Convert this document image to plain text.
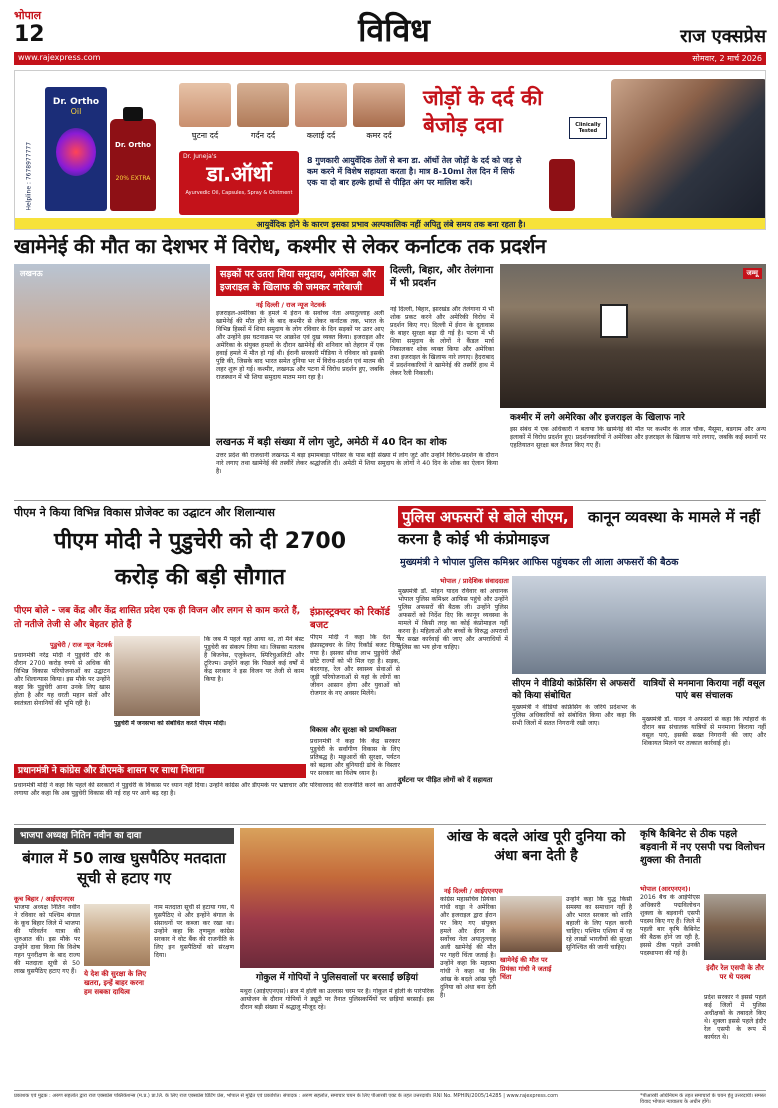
भोपाल
12	विविध	राज एक्सप्रेस
www.rajexpress.com	सोमवार, 2 मार्च 2026
Helpline : 7678977777
Dr. Ortho
Oil
Dr. Ortho
20% EXTRA
घुटना दर्द	गर्दन दर्द	कलाई दर्द	कमर दर्द
Dr. Juneja's
डा.ऑर्थो
Ayurvedic Oil, Capsules, Spray & Ointment
8 गुणकारी आयुर्वेदिक तेलों से बना डा. ऑर्थो तेल जोड़ों के दर्द को जड़ से कम करने में विशेष सहायता करता है। मात्र 8-10ml तेल दिन में सिर्फ एक या दो बार हल्के हाथों से पीड़ित अंग पर मालिश करें।
जोड़ों के दर्द की बेजोड़ दवा	Clinically Tested
आयुर्वेदिक होने के कारण इसका प्रभाव अल्पकालिक नहीं अपितु लंबे समय तक बना रहता है।
खामेनेई की मौत का देशभर में विरोध, कश्मीर से लेकर कर्नाटक तक प्रदर्शन
लखनऊ	सड़कों पर उतरा शिया समुदाय, अमेरिका और इजराइल के खिलाफ की जमकर नारेबाजी
नई दिल्ली / राज न्यूज नेटवर्क
इजराइल-अमेरिका के हमले में ईरान के सर्वोच्च नेता अयातुल्लाह अली खामेनेई की मौत होने के बाद कश्मीर से लेकर कर्नाटक तक, भारत के विभिन्न हिस्सों में शिया समुदाय के लोग रविवार के दिन सड़कों पर उतर आए और उन्होंने इस घटनाक्रम पर आक्रोश एवं दुख व्यक्त किया। इजराइल और अमेरिका के संयुक्त हमलों के दौरान खामेनेई की शनिवार को तेहरान में एक हवाई हमले में मौत हो गई थी। ईरानी सरकारी मीडिया ने रविवार को इसकी पुष्टि की, जिसके बाद भारत समेत दुनिया भर में विरोध-प्रदर्शन एवं मातम की लहर शुरू हो गई। कश्मीर, लखनऊ और पटना में विरोध प्रदर्शन हुए, जबकि राजस्थान में भी शिया समुदाय मातम मना रहा है।
दिल्ली, बिहार, और तेलंगाना में भी प्रदर्शन
नई दिल्ली, बिहार, झारखंड और तेलंगाना में भी शोक प्रकट करने और अमेरिकी विरोध में प्रदर्शन किए गए। दिल्ली में ईरान के दूतावास के बाहर सुरक्षा बढ़ा दी गई है। पटना में भी शिया समुदाय के लोगों ने कैंडल मार्च निकालकर शोक व्यक्त किया और अमेरिका तथा इजराइल के खिलाफ नारे लगाए। हैदराबाद में प्रदर्शनकारियों ने खामेनेई की तस्वीरें हाथ में लेकर रैली निकाली।
जम्मू
लखनऊ में बड़ी संख्या में लोग जुटे, अमेठी में 40 दिन का शोक
उत्तर प्रदेश की राजधानी लखनऊ में बड़ा इमामबाड़ा परिसर के पास बड़ी संख्या में लोग जुटे और उन्होंने विरोध-प्रदर्शन के दौरान नारे लगाए तथा खामेनेई की तस्वीरें लेकर श्रद्धांजलि दी। अमेठी में शिया समुदाय के लोगों ने 40 दिन के शोक का ऐलान किया है।
कश्मीर में लगे अमेरिका और इजराइल के खिलाफ नारे
इस संबंध में एक अधिकारी ने बताया कि खामेनेई की मौत पर कश्मीर के लाल चौक, मैसूमा, बडगाम और अन्य इलाकों में विरोध प्रदर्शन हुए। प्रदर्शनकारियों ने अमेरिका और इजराइल के खिलाफ नारे लगाए, जबकि कई स्थानों पर एहतियातन सुरक्षा बल तैनात किए गए हैं।
पीएम ने किया विभिन्न विकास प्रोजेक्ट का उद्घाटन और शिलान्यास
पीएम मोदी ने पुडुचेरी को दी 2700 करोड़ की बड़ी सौगात
पीएम बोले - जब केंद्र और केंद्र शासित प्रदेश एक ही विजन और लगन से काम करते हैं, तो नतीजे तेजी से और बेहतर होते हैं
पुडुचेरी / राज न्यूज नेटवर्क
प्रधानमंत्री नरेंद्र मोदी ने पुडुचेरी दौरे के दौरान 2700 करोड़ रुपये से अधिक की विभिन्न विकास परियोजनाओं का उद्घाटन और शिलान्यास किया। इस मौके पर उन्होंने कहा कि पुडुचेरी आना उनके लिए खास होता है और यह धरती महान संतों और स्वतंत्रता सेनानियों की भूमि रही है।
कि जब मैं पहले यहां आया था, तो मैंने बेस्ट पुडुचेरी का संकल्प लिया था। जिसका मतलब है बिजनेस, एजुकेशन, स्पिरिचुअलिटी और टूरिज्म। उन्होंने कहा कि पिछले कई वर्षों में केंद्र सरकार ने इस विजन पर तेजी से काम किया है।
पुडुचेरी में जनसभा को संबोधित करते पीएम मोदी।
इंफ्रास्ट्रक्चर को रिकॉर्ड बजट
पीएम मोदी ने कहा कि देश में इंफ्रास्ट्रक्चर के लिए रिकॉर्ड बजट दिया गया है। इसका सीधा लाभ पुडुचेरी जैसे छोटे राज्यों को भी मिल रहा है। सड़क, बंदरगाह, रेल और स्वास्थ्य सेवाओं से जुड़ी परियोजनाओं से यहां के लोगों का जीवन आसान होगा और युवाओं को रोजगार के नए अवसर मिलेंगे।
विकास और सुरक्षा को प्राथमिकता
प्रधानमंत्री ने कहा कि केंद्र सरकार पुडुचेरी के सर्वांगीण विकास के लिए प्रतिबद्ध है। मछुआरों की सुरक्षा, पर्यटन को बढ़ावा और बुनियादी ढांचे के विस्तार पर सरकार का विशेष ध्यान है।
प्रधानमंत्री ने कांग्रेस और डीएमके शासन पर साधा निशाना
प्रधानमंत्री मोदी ने कहा कि पहले की सरकारों ने पुडुचेरी के विकास पर ध्यान नहीं दिया। उन्होंने कांग्रेस और डीएमके पर भ्रष्टाचार और परिवारवाद की राजनीति करने का आरोप लगाया और कहा कि अब पुडुचेरी विकास की नई राह पर आगे बढ़ रहा है।
पुलिस अफसरों से बोले सीएम,	कानून व्यवस्था के मामले में नहीं करना है कोई भी कंप्रोमाइज
मुख्यमंत्री ने भोपाल पुलिस कमिश्नर आफिस पहुंचकर ली आला अफसरों की बैठक
भोपाल / प्रादेशिक संवाददाता
मुख्यमंत्री डॉ. मोहन यादव रविवार को अचानक भोपाल पुलिस कमिश्नर आफिस पहुंचे और उन्होंने पुलिस अफसरों की बैठक ली। उन्होंने पुलिस अफसरों को निर्देश दिए कि कानून व्यवस्था के मामले में किसी तरह का कोई कंप्रोमाइज नहीं करना है। महिलाओं और बच्चों के विरुद्ध अपराधों पर सख्त कार्रवाई की जाए और अपराधियों में पुलिस का भय होना चाहिए।
दुर्घटना पर पीड़ित लोगों को दें सहायता
सीएम ने वीडियो कांफ्रेंसिंग से अफसरों को किया संबोधित
मुख्यमंत्री ने वीडियो कांफ्रेंसिंग के जरिये प्रदेशभर के पुलिस अधिकारियों को संबोधित किया और कहा कि सभी जिलों में सतत निगरानी रखी जाए।
यात्रियों से मनमाना किराया नहीं वसूल पाएं बस संचालक
मुख्यमंत्री डॉ. यादव ने अफसरों से कहा कि त्योहारों के दौरान बस संचालक यात्रियों से मनमाना किराया नहीं वसूल पाएं, इसकी सख्त निगरानी की जाए और शिकायत मिलने पर तत्काल कार्रवाई हो।
भाजपा अध्यक्ष नितिन नवीन का दावा
बंगाल में 50 लाख घुसपैठिए मतदाता सूची से हटाए गए
कूच बिहार / आईएएनएस
भाजपा अध्यक्ष नितिन नवीन ने रविवार को पश्चिम बंगाल के कूच बिहार जिले में भाजपा की परिवर्तन यात्रा की शुरुआत की। इस मौके पर उन्होंने दावा किया कि विशेष गहन पुनरीक्षण के बाद राज्य की मतदाता सूची से 50 लाख घुसपैठिए हटाए गए हैं।	ये देश की सुरक्षा के लिए खतरा, इन्हें बाहर करना हम सबका दायित्व
नाम मतदाता सूची से हटाया गया, ये घुसपैठिए थे और इन्होंने बंगाल के संसाधनों पर कब्जा कर रखा था। उन्होंने कहा कि तृणमूल कांग्रेस सरकार ने वोट बैंक की राजनीति के लिए इन घुसपैठियों को संरक्षण दिया।
गोकुल में गोपियों ने पुलिसवालों पर बरसाईं छड़ियां
मथुरा (आईएएनएस)। ब्रज में होली का उल्लास चरम पर है। गोकुल में होली के पारंपरिक आयोजन के दौरान गोपियों ने ड्यूटी पर तैनात पुलिसकर्मियों पर छड़ियां बरसाईं। इस दौरान बड़ी संख्या में श्रद्धालु मौजूद रहे।
आंख के बदले आंख पूरी दुनिया को अंधा बना देती है
नई दिल्ली / आईएएनएस
कांग्रेस महासचिव प्रियंका गांधी वाड्रा ने अमेरिका और इजराइल द्वारा ईरान पर किए गए संयुक्त हमले और ईरान के सर्वोच्च नेता अयातुल्लाह अली खामेनेई की मौत पर गहरी चिंता जताई है। उन्होंने कहा कि महात्मा गांधी ने कहा था कि आंख के बदले आंख पूरी दुनिया को अंधा बना देती है।
खामेनेई की मौत पर प्रियंका गांधी ने जताई चिंता
उन्होंने कहा कि युद्ध किसी समस्या का समाधान नहीं है और भारत सरकार को शांति बहाली के लिए पहल करनी चाहिए। पश्चिम एशिया में रह रहे लाखों भारतीयों की सुरक्षा सुनिश्चित की जानी चाहिए।
कृषि कैबिनेट से ठीक पहले बड़वानी में नए एसपी पद्म विलोचन शुक्ला की तैनाती
भोपाल (आरएनएन)।
2016 बैच के आईपीएस अधिकारी पद्मविलोचन शुक्ला के बड़वानी एसपी पदस्थ किए गए हैं। जिले में पहली बार कृषि कैबिनेट की बैठक होने जा रही है, इससे ठीक पहले उनकी पदस्थापना की गई है।
इंदौर रेल एसपी के तौर पर थे पदस्थ
प्रदेश सरकार ने इससे पहले कई जिलों में पुलिस अधीक्षकों के तबादले किए थे। शुक्ला इससे पहले इंदौर रेल एसपी के रूप में कार्यरत थे।
प्रकाशक एवं मुद्रक : अरुण सहलोत द्वारा राज एक्सप्रेस पब्लिकेशन्स (म.प्र.) प्रा.लि. के लिए राज एक्सप्रेस प्रिंटिंग प्रेस, भोपाल से मुद्रित एवं प्रकाशित। संपादक : अरुण सहलोत, समाचार चयन के लिए पीआरबी एक्ट के तहत उत्तरदायी। RNI No. MPHIN/2005/14285 | www.rajexpress.com	*पीआरबी अधिनियम के तहत समाचारों के चयन हेतु उत्तरदायी। समस्त विवाद भोपाल न्यायालय के अधीन होंगे।
